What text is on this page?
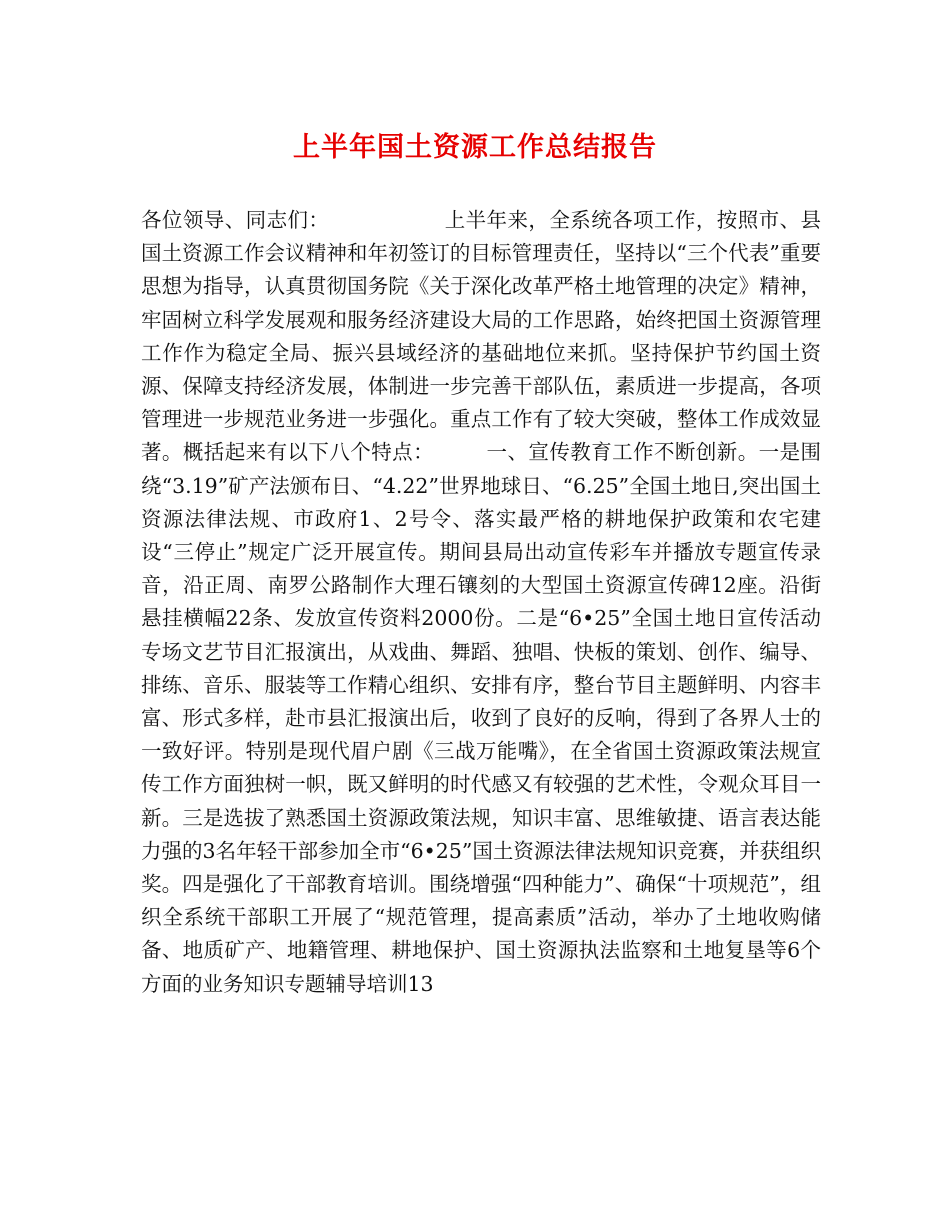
上半年国土资源工作总结报告

各位领导、同志们：　　　　　　上半年来，全系统各项工作，按照市、县国土资源工作会议精神和年初签订的目标管理责任，坚持以“三个代表”重要思想为指导，认真贯彻国务院《关于深化改革严格土地管理的决定》精神，牢固树立科学发展观和服务经济建设大局的工作思路，始终把国土资源管理工作作为稳定全局、振兴县域经济的基础地位来抓。坚持保护节约国土资源、保障支持经济发展，体制进一步完善干部队伍，素质进一步提高，各项管理进一步规范业务进一步强化。重点工作有了较大突破，整体工作成效显著。概括起来有以下八个特点：　　　一、宣传教育工作不断创新。一是围绕“3.19”矿产法颁布日、“4.22”世界地球日、“6.25”全国土地日,突出国土资源法律法规、市政府1、2号令、落实最严格的耕地保护政策和农宅建设“三停止”规定广泛开展宣传。期间县局出动宣传彩车并播放专题宣传录音，沿正周、南罗公路制作大理石镶刻的大型国土资源宣传碑12座。沿街悬挂横幅22条、发放宣传资料2000份。二是“6•25”全国土地日宣传活动专场文艺节目汇报演出，从戏曲、舞蹈、独唱、快板的策划、创作、编导、排练、音乐、服装等工作精心组织、安排有序，整台节目主题鲜明、内容丰富、形式多样，赴市县汇报演出后，收到了良好的反响，得到了各界人士的一致好评。特别是现代眉户剧《三战万能嘴》，在全省国土资源政策法规宣传工作方面独树一帜，既又鲜明的时代感又有较强的艺术性，令观众耳目一新。三是选拔了熟悉国土资源政策法规，知识丰富、思维敏捷、语言表达能力强的3名年轻干部参加全市“6•25”国土资源法律法规知识竞赛，并获组织奖。四是强化了干部教育培训。围绕增强“四种能力”、确保“十项规范”，组织全系统干部职工开展了“规范管理，提高素质”活动，举办了土地收购储备、地质矿产、地籍管理、耕地保护、国土资源执法监察和土地复垦等6个方面的业务知识专题辅导培训13
